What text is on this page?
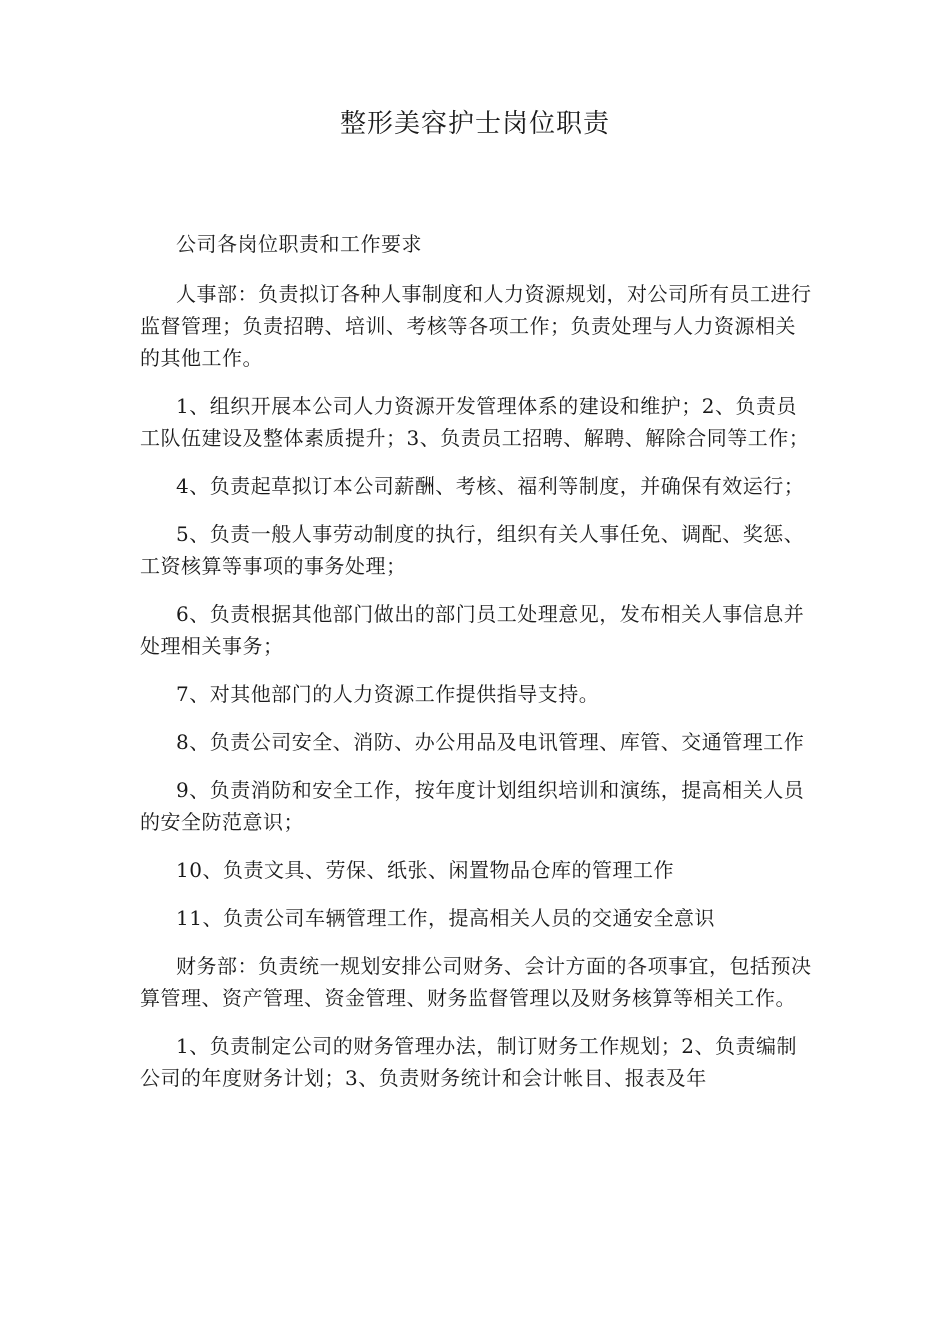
整形美容护士岗位职责

公司各岗位职责和工作要求

人事部：负责拟订各种人事制度和人力资源规划，对公司所有员工进行监督管理；负责招聘、培训、考核等各项工作；负责处理与人力资源相关的其他工作。

1、组织开展本公司人力资源开发管理体系的建设和维护；2、负责员工队伍建设及整体素质提升；3、负责员工招聘、解聘、解除合同等工作；

4、负责起草拟订本公司薪酬、考核、福利等制度，并确保有效运行；

5、负责一般人事劳动制度的执行，组织有关人事任免、调配、奖惩、工资核算等事项的事务处理；

6、负责根据其他部门做出的部门员工处理意见，发布相关人事信息并处理相关事务；

7、对其他部门的人力资源工作提供指导支持。

8、负责公司安全、消防、办公用品及电讯管理、库管、交通管理工作

9、负责消防和安全工作，按年度计划组织培训和演练，提高相关人员的安全防范意识；

10、负责文具、劳保、纸张、闲置物品仓库的管理工作

11、负责公司车辆管理工作，提高相关人员的交通安全意识

财务部：负责统一规划安排公司财务、会计方面的各项事宜，包括预决算管理、资产管理、资金管理、财务监督管理以及财务核算等相关工作。

1、负责制定公司的财务管理办法，制订财务工作规划；2、负责编制公司的年度财务计划；3、负责财务统计和会计帐目、报表及年
